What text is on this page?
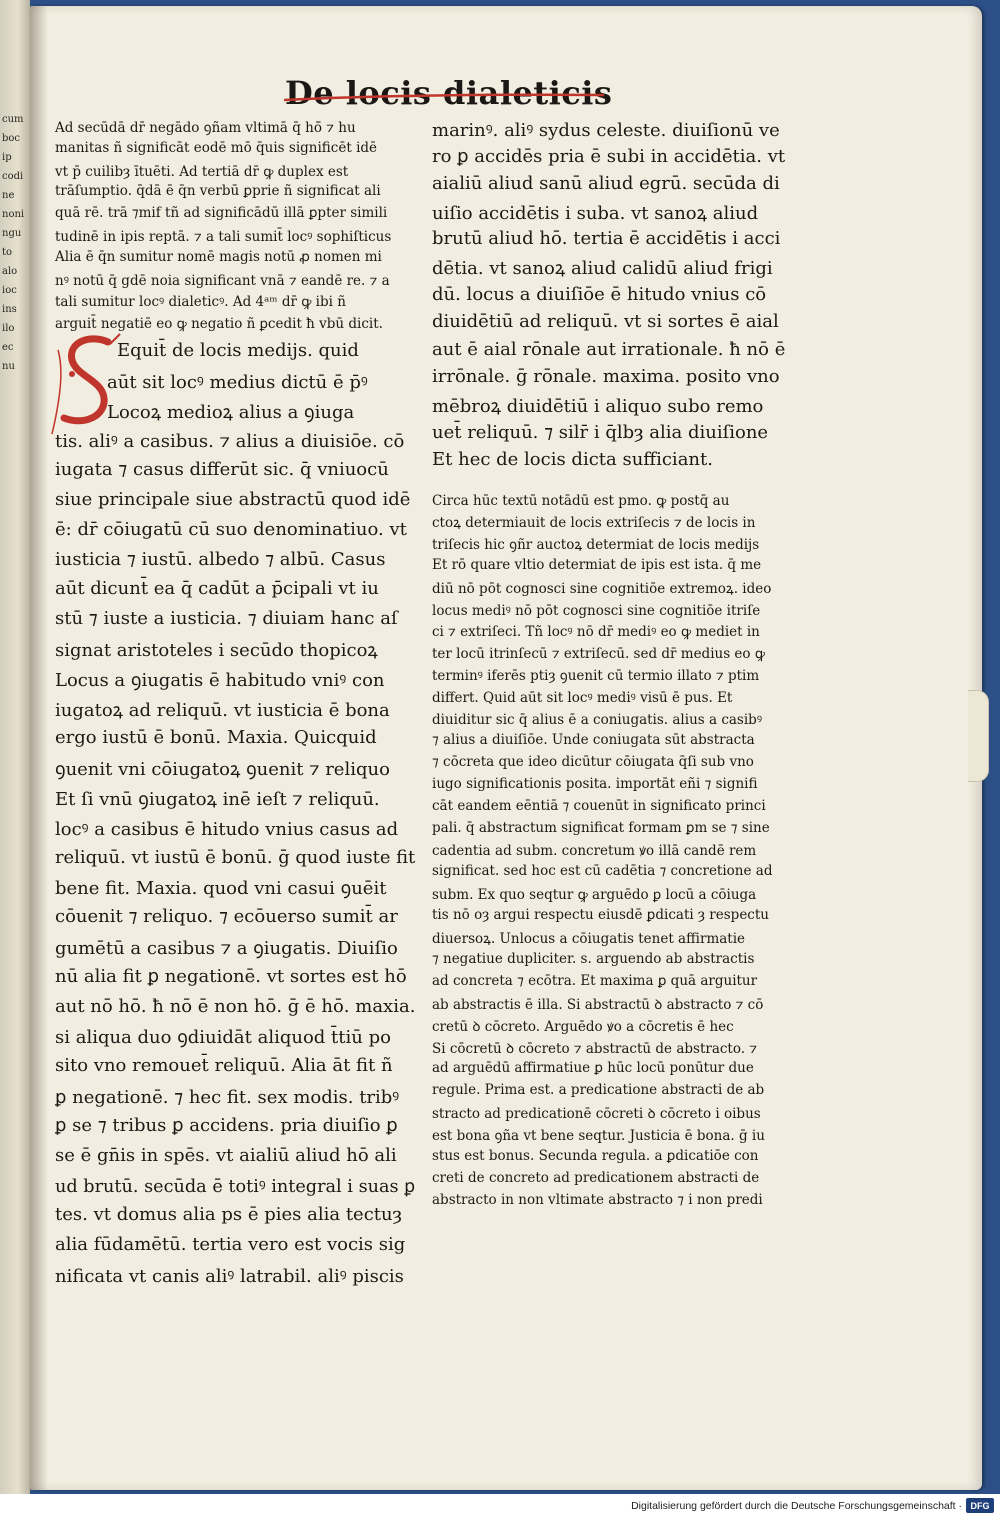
cum
boc
ip
codi
ne
noni
ngu
to
alo
ioc
ins
ilo
ec
nu
De locis dialeticis
Ad secūdā dr̄ negādo ꝯñam vltimā q̄ hō̄ ⁊ hu
manitas ñ significāt eodē mō q̄uis significēt idē
vt p̄ cuilibȝ ītuēti. Ad tertiā dr̄ ꝙ duplex est
trāſumptio. q̄dā ē q̄n verbū ꝑprie ñ significat ali
quā rē. trā ⁊mif tñ ad significādū illā ꝑpter simili
tudinē in ipis reptā. ⁊ a tali sumit̄ locꝰ sophiſticus
Alia ē q̄n sumitur nomē magis notū ꝓ nomen mi
nꝰ notū q̄ gdē noia significant vnā ⁊ eandē re. ⁊ a
tali sumitur locꝰ dialeticꝰ. Ad 4ᵃᵐ dr̄ ꝙ ibi ñ
arguit̄ negatiē eo ꝙ negatio ñ ꝑcedit ħ vbū dicit.
Equit̄ de locis medijs. quid
aūt sit locꝰ medius dictū ē p̄ꝰ
Locoꝝ medioꝝ alius a ꝯiuga
tis. aliꝰ a casibus. ⁊ alius a diuisiōe. cō
iugata ⁊ casus differūt sic. q̄ vniuocū
siue principale siue abstractū quod idē
ē: dr̄ cōiugatū cū suo denominatiuo. vt
iusticia ⁊ iustū. albedo ⁊ albū. Casus
aūt dicunt̄ ea q̄ cadūt a p̄cipali vt iu
stū ⁊ iuste a iusticia. ⁊ diuiam hanc aſ
signat aristoteles i secūdo thopicoꝝ
Locus a ꝯiugatis ē habitudo vniꝰ con
iugatoꝝ ad reliquū. vt iusticia ē bona
ergo iustū ē bonū. Maxia. Quicquid
ꝯuenit vni cōiugatoꝝ ꝯuenit ⁊ reliquo
Et ſi vnū ꝯiugatoꝝ inē ieſt ⁊ reliquū.
locꝰ a casibus ē hitudo vnius casus ad
reliquū. vt iustū ē bonū. ḡ quod iuste fit
bene fit. Maxia. quod vni casui ꝯuēit
cōuenit ⁊ reliquo. ⁊ ecōuerso sumit̄ ar
gumētū a casibus ⁊ a ꝯiugatis. Diuiſio
nū alia fit ꝑ negationē. vt sortes est hō
aut nō hō. ħ nō ē non hō. ḡ ē hō. maxia.
si aliqua duo ꝯdiuidāt aliquod t̄tiū po
sito vno remouet̄ reliquū. Alia āt fit ñ
ꝑ negationē. ⁊ hec fit. sex modis. tribꝰ
ꝑ se ⁊ tribus ꝑ accidens. pria diuiſio ꝑ
se ē gn̄is in spēs. vt aialiū aliud hō ali
ud brutū. secūda ē totiꝰ integral i suas ꝑ
tes. vt domus alia ps ē pies alia tectuȝ
alia fūdamētū. tertia vero est vocis sig
nificata vt canis aliꝰ latrabil. aliꝰ piscis
marinꝰ. aliꝰ sydus celeste. diuiſionū ve
ro ꝑ accidēs pria ē subi in accidētia. vt
aialiū aliud sanū aliud egrū. secūda di
uiſio accidētis i suba. vt sanoꝝ aliud
brutū aliud hō. tertia ē accidētis i acci
dētia. vt sanoꝝ aliud calidū aliud frigi
dū. locus a diuiſiōe ē hitudo vnius cō
diuidētiū ad reliquū. vt si sortes ē aial
aut ē aial rōnale aut irrationale. ħ nō ē
irrōnale. ḡ rōnale. maxima. posito vno
mēbroꝝ diuidētiū i aliquo subo remo
uet̄ reliquū. ⁊ silr̄ i q̄lbȝ alia diuiſione
Et hec de locis dicta sufficiant.
Circa hūc textū notādū est pmo. ꝙ postq̄ au
ctoꝝ determiauit de locis extriſecis ⁊ de locis in
triſecis hic ꝯñr auctoꝝ determiat de locis medijs
Et rō quare vltio determiat de ipis est ista. q̄ me
diū nō pōt cognosci sine cognitiōe extremoꝝ. ideo
locus mediꝰ nō pōt cognosci sine cognitiōe itriſe
ci ⁊ extriſeci. Tñ locꝰ nō dr̄ mediꝰ eo ꝙ mediet in
ter locū itrinſecū ⁊ extriſecū. sed dr̄ medius eo ꝙ
terminꝰ iferēs ptiȝ ꝯuenit cū termio illato ⁊ ptim
differt. Quid aūt sit locꝰ mediꝰ visū ē pus. Et
diuiditur sic q̄ alius ē a coniugatis. alius a casibꝰ
⁊ alius a diuiſiōe. Unde coniugata sūt abstracta
⁊ cōcreta que ideo dicūtur cōiugata q̄ſi sub vno
iugo significationis posita. importāt eñi ⁊ signifi
cāt eandem eēntiā ⁊ couenūt in significato princi
pali. q̄ abstractum significat formam ꝑm se ⁊ sine
cadentia ad subm. concretum ꝟo illā candē rem
significat. sed hoc est cū cadētia ⁊ concretione ad
subm. Ex quo seqtur ꝙ arguēdo ꝑ locū a cōiuga
tis nō oȝ argui respectu eiusdē ꝑdicati ȝ respectu
diuersoꝝ. Unlocus a cōiugatis tenet affirmatie
⁊ negatiue dupliciter. s. arguendo ab abstractis
ad concreta ⁊ ecōtra. Et maxima ꝑ quā arguitur
ab abstractis ē illa. Si abstractū ꝺ abstracto ⁊ cō
cretū ꝺ cōcreto. Arguēdo ꝟo a cōcretis ē hec
Si cōcretū ꝺ cōcreto ⁊ abstractū de abstracto. ⁊
ad arguēdū affirmatiue ꝑ hūc locū ponūtur due
regule. Prima est. a predicatione abstracti de ab
stracto ad predicationē cōcreti ꝺ cōcreto i oibus
est bona ꝯña vt bene seqtur. Justicia ē bona. ḡ iu
stus est bonus. Secunda regula. a ꝑdicatiōe con
creti de concreto ad predicationem abstracti de
abstracto in non vltimate abstracto ⁊ i non predi
Digitalisierung gefördert durch die Deutsche Forschungsgemeinschaft · DFG
